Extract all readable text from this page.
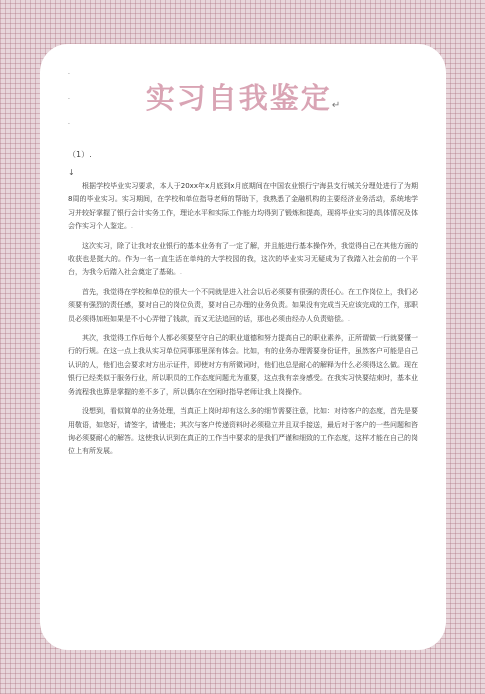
.
.
.
实习自我鉴定↵
（1）.
↓

根据学校毕业实习要求，本人于20xx年x月底到x月底期间在中国农业银行宁海县支行城关分理处进行了为期8周的毕业实习。实习期间，在学校和单位指导老师的帮助下，我熟悉了金融机构的主要经济业务活动，系统地学习并较好掌握了银行会计实务工作，理论水平和实际工作能力均得到了锻炼和提高，现将毕业实习的具体情况及体会作实习个人鉴定。.

这次实习，除了让我对农业银行的基本业务有了一定了解，并且能进行基本操作外，我觉得自己在其他方面的收获也是挺大的。作为一名一直生活在单纯的大学校园的我，这次的毕业实习无疑成为了我踏入社会前的一个平台，为我今后踏入社会奠定了基础。.

首先，我觉得在学校和单位的很大一个不同就是进入社会以后必须要有很强的责任心。在工作岗位上，我们必须要有强烈的责任感，要对自己的岗位负责，要对自己办理的业务负责。如果没有完成当天应该完成的工作，那职员必须得加班如果是不小心弄错了钱款，而又无法追回的话，那也必须由经办人负责赔偿。.

其次，我觉得工作后每个人都必须要坚守自己的职业道德和努力提高自己的职业素养，正所谓做一行就要懂一行的行规。在这一点上我从实习单位同事那里深有体会。比如，有的业务办理需要身份证件，虽然客户可能是自己认识的人，他们也会要求对方出示证件，即使对方有所微词时，他们也总是耐心的解释为什么必须得这么做。现在银行已经类似于服务行业，所以职员的工作态度问题尤为重要，这点我有亲身感受。在我实习快要结束时，基本业务流程我也算是掌握的差不多了，所以偶尔在空闲时指导老师让我上岗操作。

没想到，看似简单的业务处理，当真正上岗时却有这么多的细节需要注意，比如：对待客户的态度，首先是要用敬语，如您好，请签字，请慢走；其次与客户传递资料时必须稳立并且双手接送，最后对于客户的一些问题和咨询必须要耐心的解答。这使我认识到在真正的工作当中要求的是我们严谨和细致的工作态度，这样才能在自己的岗位上有所发展。
